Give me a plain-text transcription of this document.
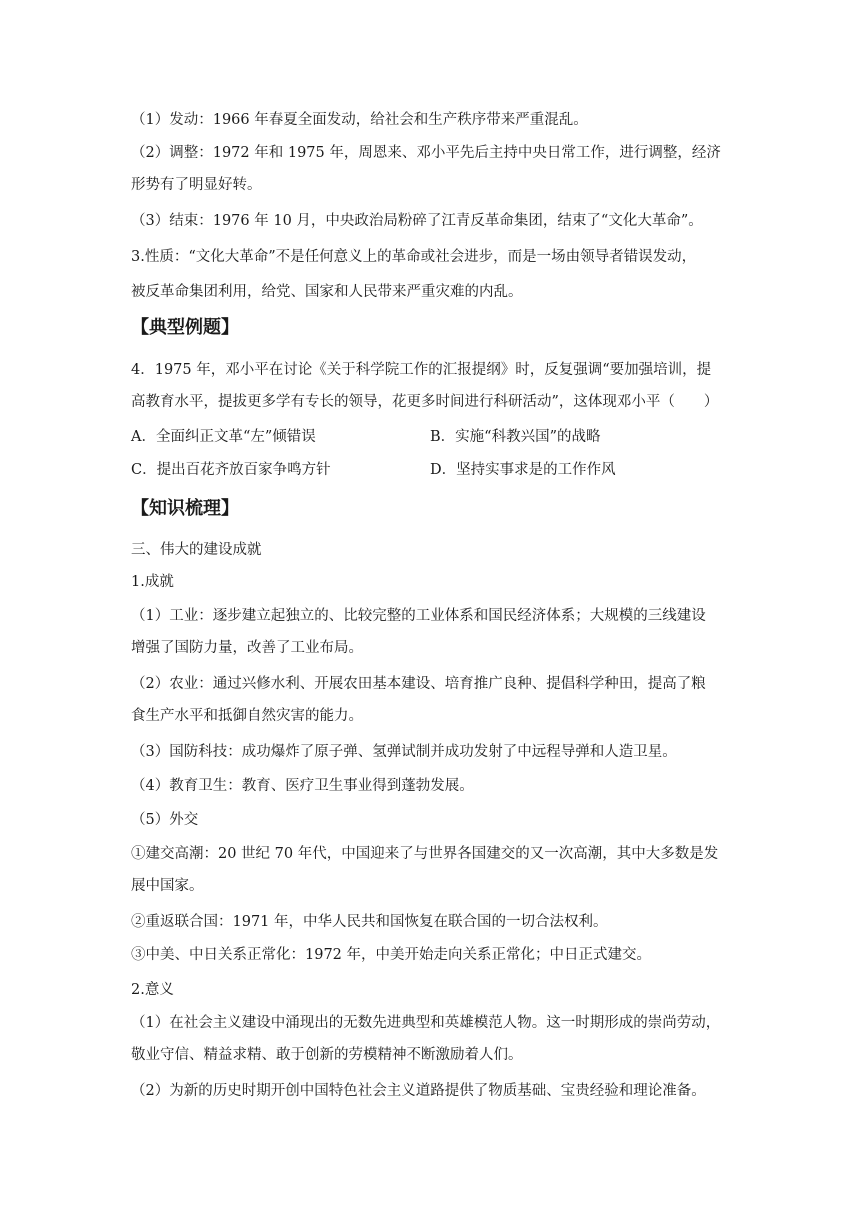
（1）发动：1966 年春夏全面发动，给社会和生产秩序带来严重混乱。
（2）调整：1972 年和 1975 年，周恩来、邓小平先后主持中央日常工作，进行调整，经济
形势有了明显好转。
（3）结束：1976 年 10 月，中央政治局粉碎了江青反革命集团，结束了“文化大革命”。
3.性质：“文化大革命”不是任何意义上的革命或社会进步，而是一场由领导者错误发动，
被反革命集团利用，给党、国家和人民带来严重灾难的内乱。
【典型例题】
4．1975 年，邓小平在讨论《关于科学院工作的汇报提纲》时，反复强调“要加强培训，提
高教育水平，提拔更多学有专长的领导，花更多时间进行科研活动”，这体现邓小平（　　）
A．全面纠正文革“左”倾错误	B．实施“科教兴国”的战略
C．提出百花齐放百家争鸣方针	D．坚持实事求是的工作作风
【知识梳理】
三、伟大的建设成就
1.成就
（1）工业：逐步建立起独立的、比较完整的工业体系和国民经济体系；大规模的三线建设
增强了国防力量，改善了工业布局。
（2）农业：通过兴修水利、开展农田基本建设、培育推广良种、提倡科学种田，提高了粮
食生产水平和抵御自然灾害的能力。
（3）国防科技：成功爆炸了原子弹、氢弹试制并成功发射了中远程导弹和人造卫星。
（4）教育卫生：教育、医疗卫生事业得到蓬勃发展。
（5）外交
①建交高潮：20 世纪 70 年代，中国迎来了与世界各国建交的又一次高潮，其中大多数是发
展中国家。
②重返联合国：1971 年，中华人民共和国恢复在联合国的一切合法权利。
③中美、中日关系正常化：1972 年，中美开始走向关系正常化；中日正式建交。
2.意义
（1）在社会主义建设中涌现出的无数先进典型和英雄模范人物。这一时期形成的崇尚劳动，
敬业守信、精益求精、敢于创新的劳模精神不断激励着人们。
（2）为新的历史时期开创中国特色社会主义道路提供了物质基础、宝贵经验和理论准备。
